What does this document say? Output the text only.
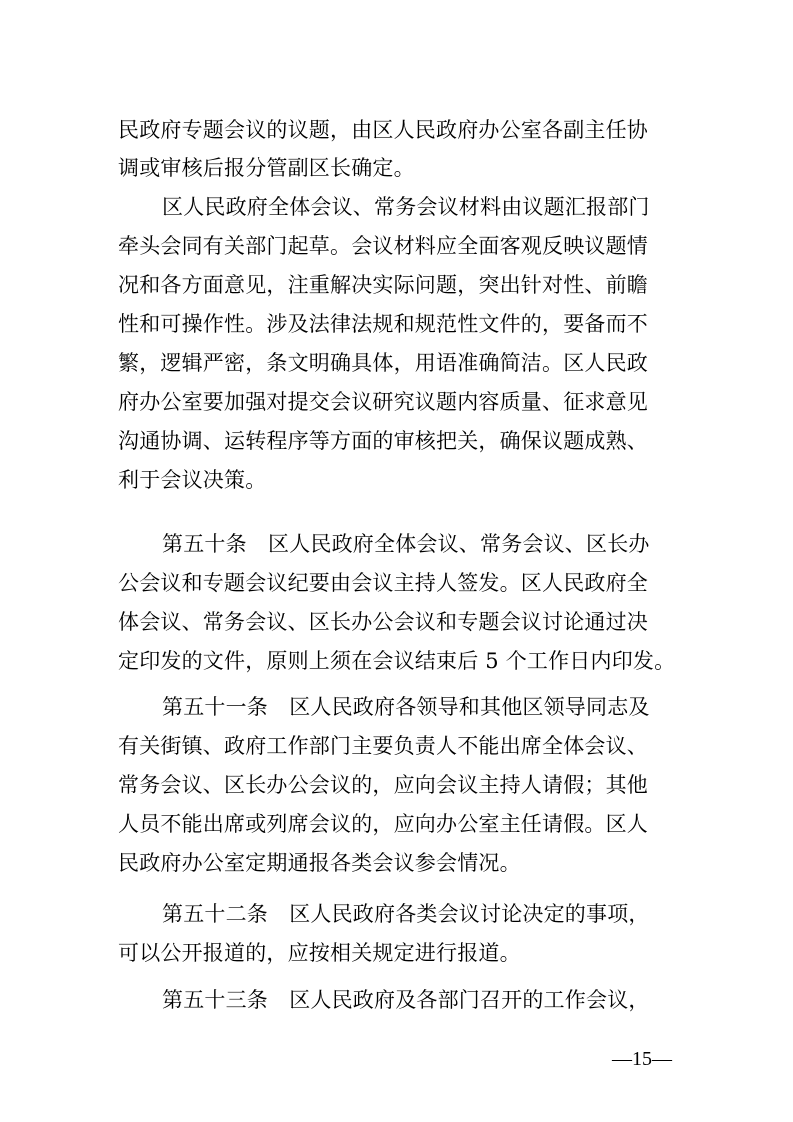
民政府专题会议的议题，由区人民政府办公室各副主任协
调或审核后报分管副区长确定。
区人民政府全体会议、常务会议材料由议题汇报部门
牵头会同有关部门起草。会议材料应全面客观反映议题情
况和各方面意见，注重解决实际问题，突出针对性、前瞻
性和可操作性。涉及法律法规和规范性文件的，要备而不
繁，逻辑严密，条文明确具体，用语准确简洁。区人民政
府办公室要加强对提交会议研究议题内容质量、征求意见
沟通协调、运转程序等方面的审核把关，确保议题成熟、
利于会议决策。
第五十条　区人民政府全体会议、常务会议、区长办
公会议和专题会议纪要由会议主持人签发。区人民政府全
体会议、常务会议、区长办公会议和专题会议讨论通过决
定印发的文件，原则上须在会议结束后 5 个工作日内印发。
第五十一条　区人民政府各领导和其他区领导同志及
有关街镇、政府工作部门主要负责人不能出席全体会议、
常务会议、区长办公会议的，应向会议主持人请假；其他
人员不能出席或列席会议的，应向办公室主任请假。区人
民政府办公室定期通报各类会议参会情况。
第五十二条　区人民政府各类会议讨论决定的事项，
可以公开报道的，应按相关规定进行报道。
第五十三条　区人民政府及各部门召开的工作会议，
—15—
